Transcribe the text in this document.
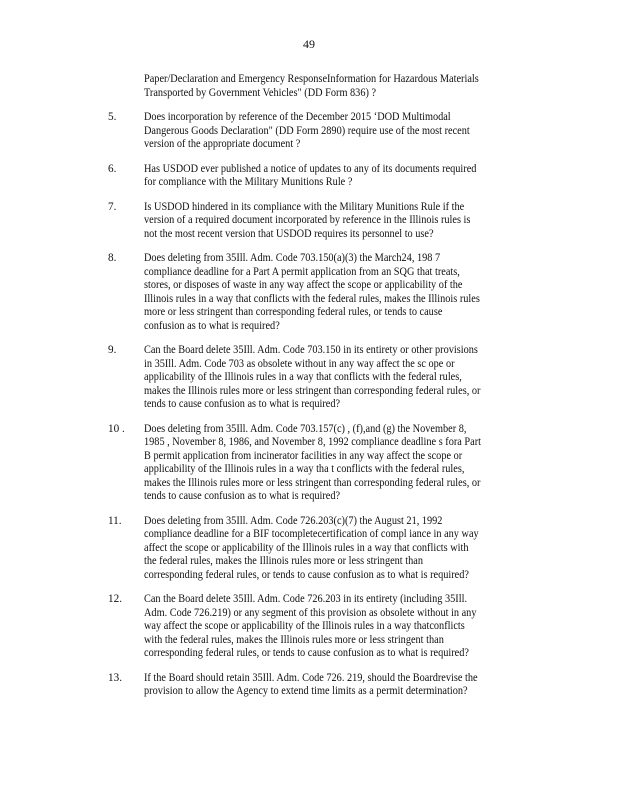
49
Paper/Declaration and Emergency ResponseInformation for Hazardous Materials
Transported by Government Vehicles" (DD Form 836) ?
5.	Does incorporation by reference of the December 2015 ‘DOD Multimodal
Dangerous Goods Declaration" (DD Form 2890) require use of the most recent
version of the appropriate document ?
6.	Has USDOD ever published a notice of updates to any of its documents required
for compliance with the Military Munitions Rule ?
7.	Is USDOD hindered in its compliance with the Military Munitions Rule if the
version of a required document incorporated by reference in the Illinois rules is
not the most recent version that USDOD requires its personnel to use?
8.	Does deleting from 35Ill. Adm. Code 703.150(a)(3) the March24, 198 7
compliance deadline for a Part A permit application from an SQG that treats,
stores, or disposes of waste in any way affect the scope or applicability of the
Illinois rules in a way that conflicts with the federal rules, makes the Illinois rules
more or less stringent than corresponding federal rules, or tends to cause
confusion as to what is required?
9.	Can the Board delete 35Ill. Adm. Code 703.150 in its entirety or other provisions
in 35Ill. Adm. Code 703 as obsolete without in any way affect the sc ope or
applicability of the Illinois rules in a way that conflicts with the federal rules,
makes the Illinois rules more or less stringent than corresponding federal rules, or
tends to cause confusion as to what is required?
10 .	Does deleting from 35Ill. Adm. Code 703.157(c) , (f),and (g) the November 8,
1985 , November 8, 1986, and November 8, 1992 compliance deadline s fora Part
B permit application from incinerator facilities in any way affect the scope or
applicability of the Illinois rules in a way tha t conflicts with the federal rules,
makes the Illinois rules more or less stringent than corresponding federal rules, or
tends to cause confusion as to what is required?
11.	Does deleting from 35Ill. Adm. Code 726.203(c)(7) the August 21, 1992
compliance deadline for a BIF tocompletecertification of compl iance in any way
affect the scope or applicability of the Illinois rules in a way that conflicts with
the federal rules, makes the Illinois rules more or less stringent than
corresponding federal rules, or tends to cause confusion as to what is required?
12.	Can the Board delete 35Ill. Adm. Code 726.203 in its entirety (including 35Ill.
Adm. Code 726.219) or any segment of this provision as obsolete without in any
way affect the scope or applicability of the Illinois rules in a way thatconflicts
with the federal rules, makes the Illinois rules more or less stringent than
corresponding federal rules, or tends to cause confusion as to what is required?
13.	If the Board should retain 35Ill. Adm. Code 726. 219, should the Boardrevise the
provision to allow the Agency to extend time limits as a permit determination?
